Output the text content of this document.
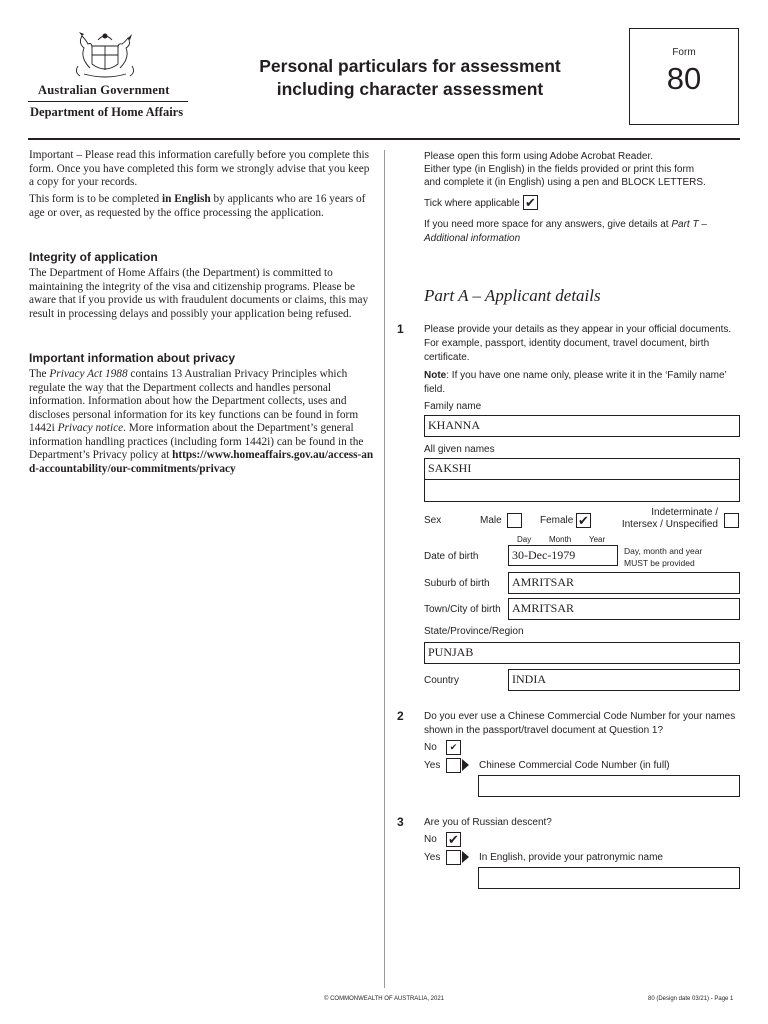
Australian Government
Department of Home Affairs
Personal particulars for assessment
including character assessment
Form
80
Important – Please read this information carefully before you complete this form. Once you have completed this form we strongly advise that you keep a copy for your records.
This form is to be completed in English by applicants who are 16 years of age or over, as requested by the office processing the application.
Integrity of application
The Department of Home Affairs (the Department) is committed to maintaining the integrity of the visa and citizenship programs. Please be aware that if you provide us with fraudulent documents or claims, this may result in processing delays and possibly your application being refused.
Important information about privacy
The Privacy Act 1988 contains 13 Australian Privacy Principles which regulate the way that the Department collects and handles personal information. Information about how the Department collects, uses and discloses personal information for its key functions can be found in form 1442i Privacy notice. More information about the Department’s general information handling practices (including form 1442i) can be found in the Department’s Privacy policy at https://www.homeaffairs.gov.au/access-and-accountability/our-commitments/privacy
Please open this form using Adobe Acrobat Reader.
Either type (in English) in the fields provided or print this form
and complete it (in English) using a pen and BLOCK LETTERS.
Tick where applicable ✔
If you need more space for any answers, give details at Part T –
Additional information
Part A – Applicant details
1 Please provide your details as they appear in your official documents.
For example, passport, identity document, travel document, birth
certificate.
Note: If you have one name only, please write it in the ‘Family name’
field.
Family name
KHANNA
All given names
SAKSHI
Sex	Male	Female ✔
Indeterminate /
Intersex / Unspecified
Day Month Year
Date of birth	30-Dec-1979	Day, month and year
MUST be provided
Suburb of birth	AMRITSAR
Town/City of birth AMRITSAR
State/Province/Region
PUNJAB
Country	INDIA
2 Do you ever use a Chinese Commercial Code Number for your names
shown in the passport/travel document at Question 1?
No	✔
Yes	Chinese Commercial Code Number (in full)
3 Are you of Russian descent?
No ✔
Yes	In English, provide your patronymic name
© COMMONWEALTH OF AUSTRALIA, 2021	80 (Design date 03/21) - Page 1
